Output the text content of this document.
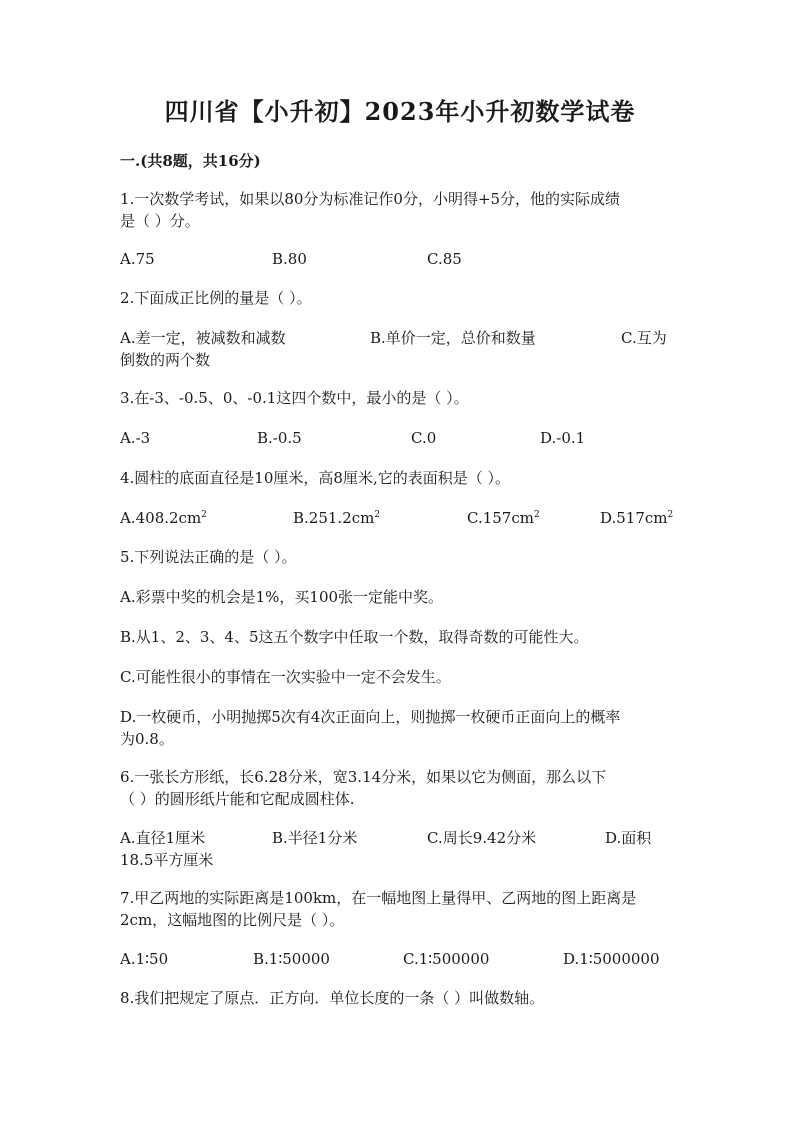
四川省【小升初】2023年小升初数学试卷
一.(共8题，共16分)
1.一次数学考试，如果以80分为标准记作0分，小明得+5分，他的实际成绩
是（ ）分。
A.75	B.80	C.85
2.下面成正比例的量是（ ）。
A.差一定，被减数和减数	B.单价一定，总价和数量	C.互为
倒数的两个数
3.在-3、-0.5、0、-0.1这四个数中，最小的是（ ）。
A.-3	B.-0.5	C.0	D.-0.1
4.圆柱的底面直径是10厘米，高8厘米,它的表面积是（ ）。
$A.408.2cm^2$	$B.251.2cm^2$	$C.157cm^2$	$D.517cm^2$
5.下列说法正确的是（ ）。
A.彩票中奖的机会是1%，买100张一定能中奖。
B.从1、2、3、4、5这五个数字中任取一个数，取得奇数的可能性大。
C.可能性很小的事情在一次实验中一定不会发生。
D.一枚硬币，小明抛掷5次有4次正面向上，则抛掷一枚硬币正面向上的概率
为0.8。
6.一张长方形纸，长6.28分米，宽3.14分米，如果以它为侧面，那么以下
（ ）的圆形纸片能和它配成圆柱体.
A.直径1厘米	B.半径1分米	C.周长9.42分米	D.面积
18.5平方厘米
7.甲乙两地的实际距离是100km，在一幅地图上量得甲、乙两地的图上距离是
2cm，这幅地图的比例尺是（ ）。
A.1∶50	B.1∶50000	C.1∶500000	D.1∶5000000
8.我们把规定了原点．正方向．单位长度的一条（ ）叫做数轴。
